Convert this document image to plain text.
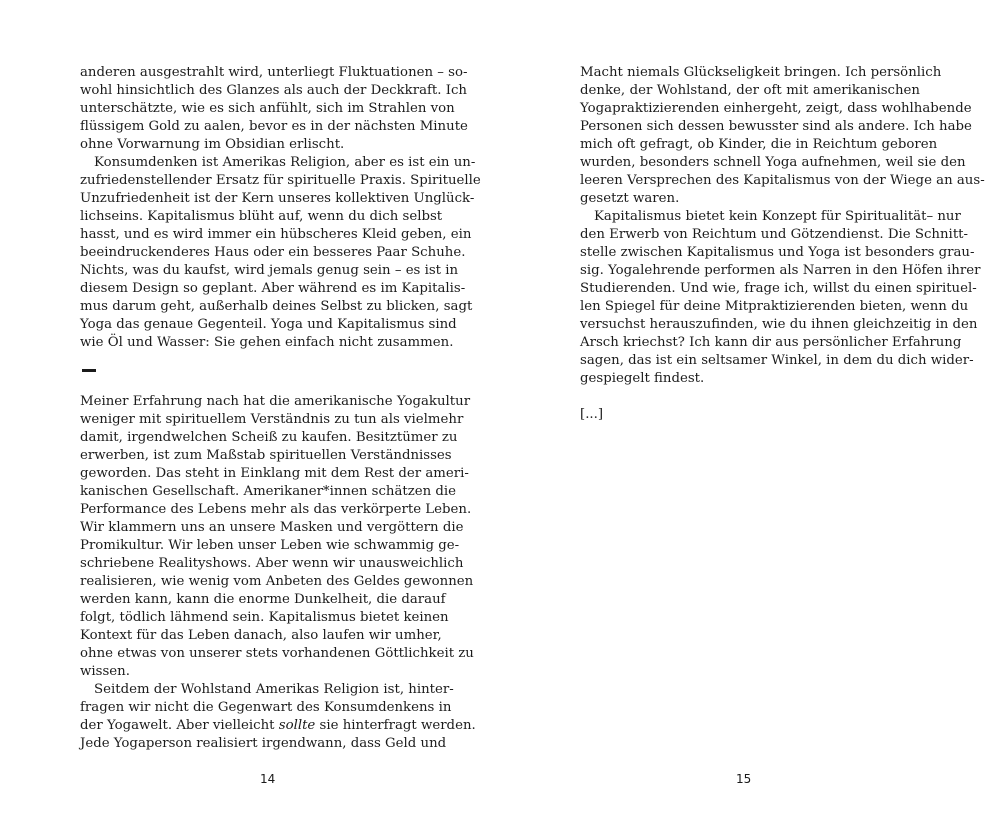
anderen ausgestrahlt wird, unterliegt Fluktuationen – so-
wohl hinsichtlich des Glanzes als auch der Deckkraft. Ich
unterschätzte, wie es sich anfühlt, sich im Strahlen von
flüssigem Gold zu aalen, bevor es in der nächsten Minute
ohne Vorwarnung im Obsidian erlischt.
Konsumdenken ist Amerikas Religion, aber es ist ein un-
zufriedenstellender Ersatz für spirituelle Praxis. Spirituelle
Unzufriedenheit ist der Kern unseres kollektiven Unglück-
lichseins. Kapitalismus blüht auf, wenn du dich selbst
hasst, und es wird immer ein hübscheres Kleid geben, ein
beeindruckenderes Haus oder ein besseres Paar Schuhe.
Nichts, was du kaufst, wird jemals genug sein – es ist in
diesem Design so geplant. Aber während es im Kapitalis-
mus darum geht, außerhalb deines Selbst zu blicken, sagt
Yoga das genaue Gegenteil. Yoga und Kapitalismus sind
wie Öl und Wasser: Sie gehen einfach nicht zusammen.
Meiner Erfahrung nach hat die amerikanische Yogakultur
weniger mit spirituellem Verständnis zu tun als vielmehr
damit, irgendwelchen Scheiß zu kaufen. Besitztümer zu
erwerben, ist zum Maßstab spirituellen Verständnisses
geworden. Das steht in Einklang mit dem Rest der ameri-
kanischen Gesellschaft. Amerikaner*innen schätzen die
Performance des Lebens mehr als das verkörperte Leben.
Wir klammern uns an unsere Masken und vergöttern die
Promikultur. Wir leben unser Leben wie schwammig ge-
schriebene Realityshows. Aber wenn wir unausweichlich
realisieren, wie wenig vom Anbeten des Geldes gewonnen
werden kann, kann die enorme Dunkelheit, die darauf
folgt, tödlich lähmend sein. Kapitalismus bietet keinen
Kontext für das Leben danach, also laufen wir umher,
ohne etwas von unserer stets vorhandenen Göttlichkeit zu
wissen.
Seitdem der Wohlstand Amerikas Religion ist, hinter-
fragen wir nicht die Gegenwart des Konsumdenkens in
der Yogawelt. Aber vielleicht sollte sie hinterfragt werden.
Jede Yogaperson realisiert irgendwann, dass Geld und
14
Macht niemals Glückseligkeit bringen. Ich persönlich
denke, der Wohlstand, der oft mit amerikanischen
Yogapraktizierenden einhergeht, zeigt, dass wohlhabende
Personen sich dessen bewusster sind als andere. Ich habe
mich oft gefragt, ob Kinder, die in Reichtum geboren
wurden, besonders schnell Yoga aufnehmen, weil sie den
leeren Versprechen des Kapitalismus von der Wiege an aus-
gesetzt waren.
Kapitalismus bietet kein Konzept für Spiritualität– nur
den Erwerb von Reichtum und Götzendienst. Die Schnitt-
stelle zwischen Kapitalismus und Yoga ist besonders grau-
sig. Yogalehrende performen als Narren in den Höfen ihrer
Studierenden. Und wie, frage ich, willst du einen spirituel-
len Spiegel für deine Mitpraktizierenden bieten, wenn du
versuchst herauszufinden, wie du ihnen gleichzeitig in den
Arsch kriechst? Ich kann dir aus persönlicher Erfahrung
sagen, das ist ein seltsamer Winkel, in dem du dich wider-
gespiegelt findest.
[...]
15
